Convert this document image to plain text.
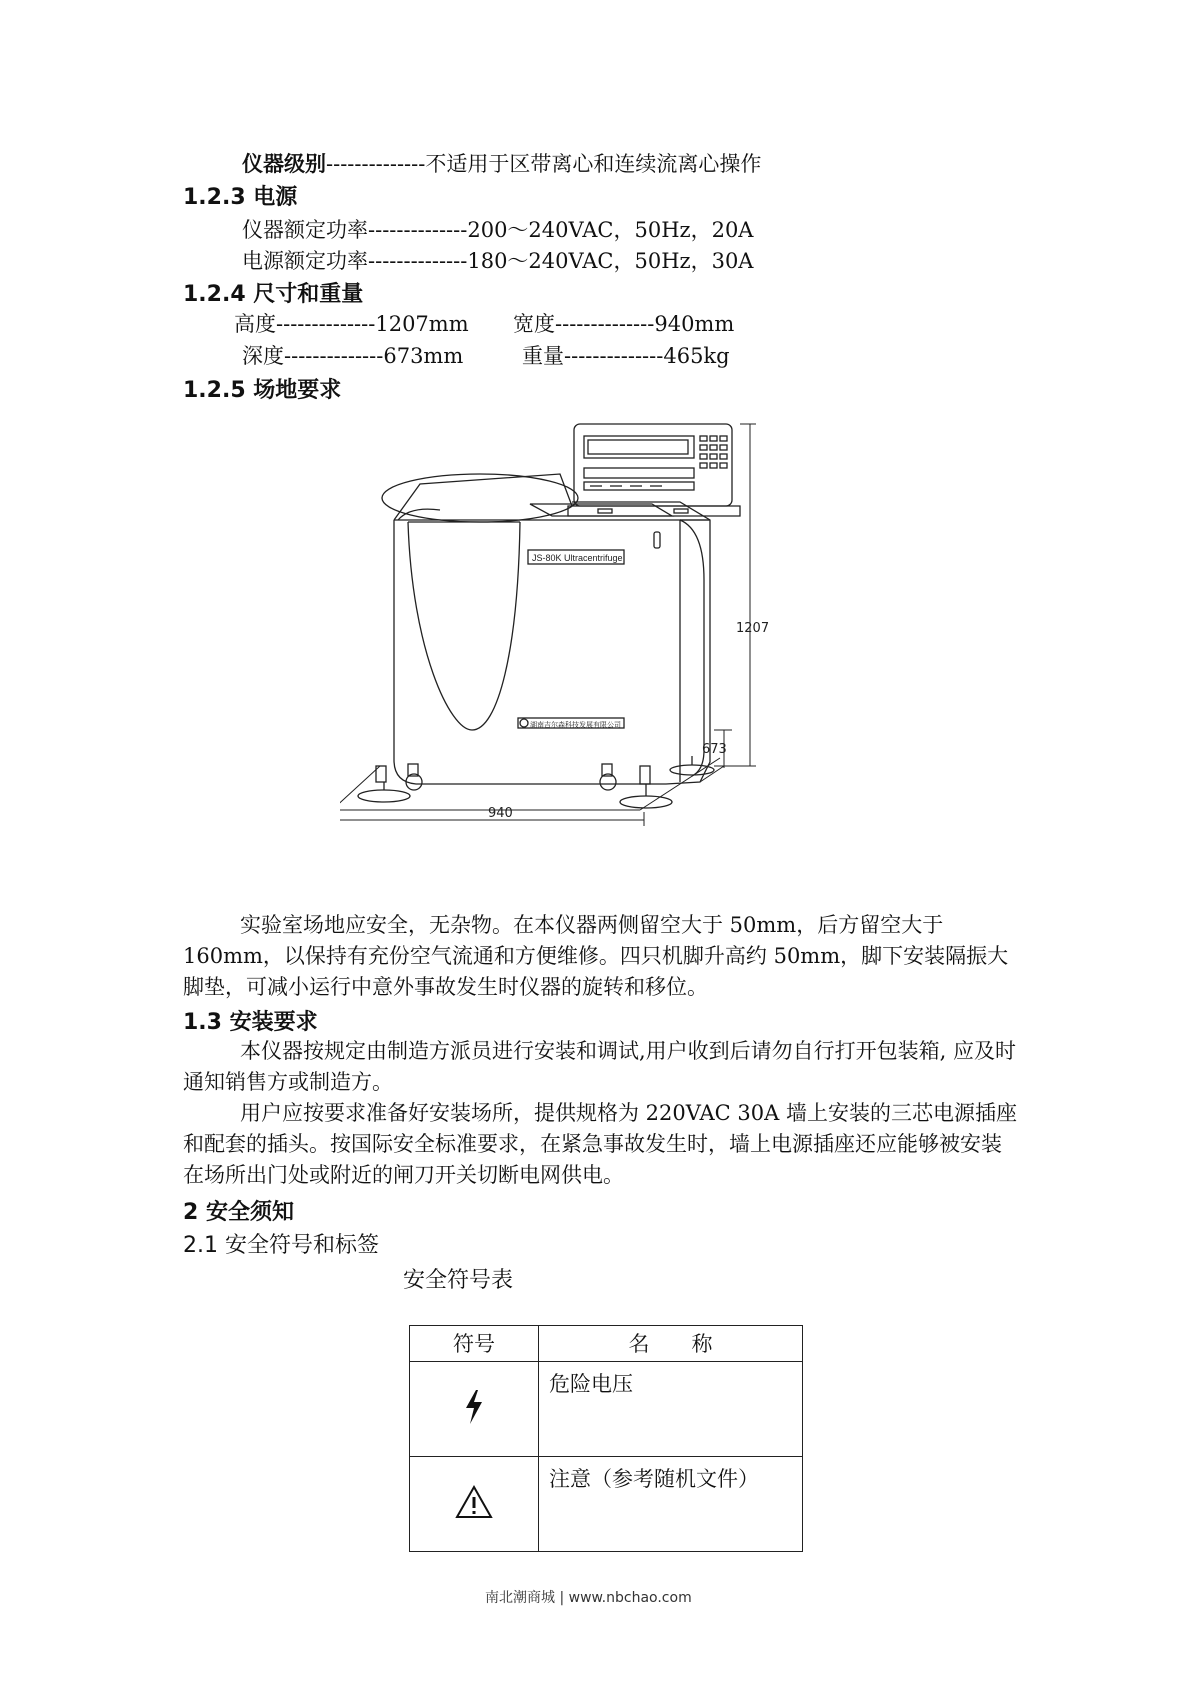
仪器级别--------------不适用于区带离心和连续流离心操作
1.2.3 电源
仪器额定功率--------------200～240VAC，50Hz，20A
电源额定功率--------------180～240VAC，50Hz，30A
1.2.4 尺寸和重量
高度--------------1207mm 宽度--------------940mm
深度--------------673mm	重量--------------465kg
1.2.5 场地要求
JS-80K Ultracentrifuge
湖南吉尔森科技发展有限公司
1207
673
940
实验室场地应安全，无杂物。在本仪器两侧留空大于 50mm，后方留空大于 160mm，以保持有充份空气流通和方便维修。四只机脚升高约 50mm，脚下安装隔振大脚垫，可减小运行中意外事故发生时仪器的旋转和移位。
1.3 安装要求
本仪器按规定由制造方派员进行安装和调试,用户收到后请勿自行打开包装箱, 应及时通知销售方或制造方。
用户应按要求准备好安装场所，提供规格为 220VAC 30A 墙上安装的三芯电源插座和配套的插头。按国际安全标准要求，在紧急事故发生时，墙上电源插座还应能够被安装在场所出门处或附近的闸刀开关切断电网供电。
2 安全须知
2.1 安全符号和标签
安全符号表
符号	名　　称
	危险电压
	注意（参考随机文件）
南北潮商城 | www.nbchao.com
